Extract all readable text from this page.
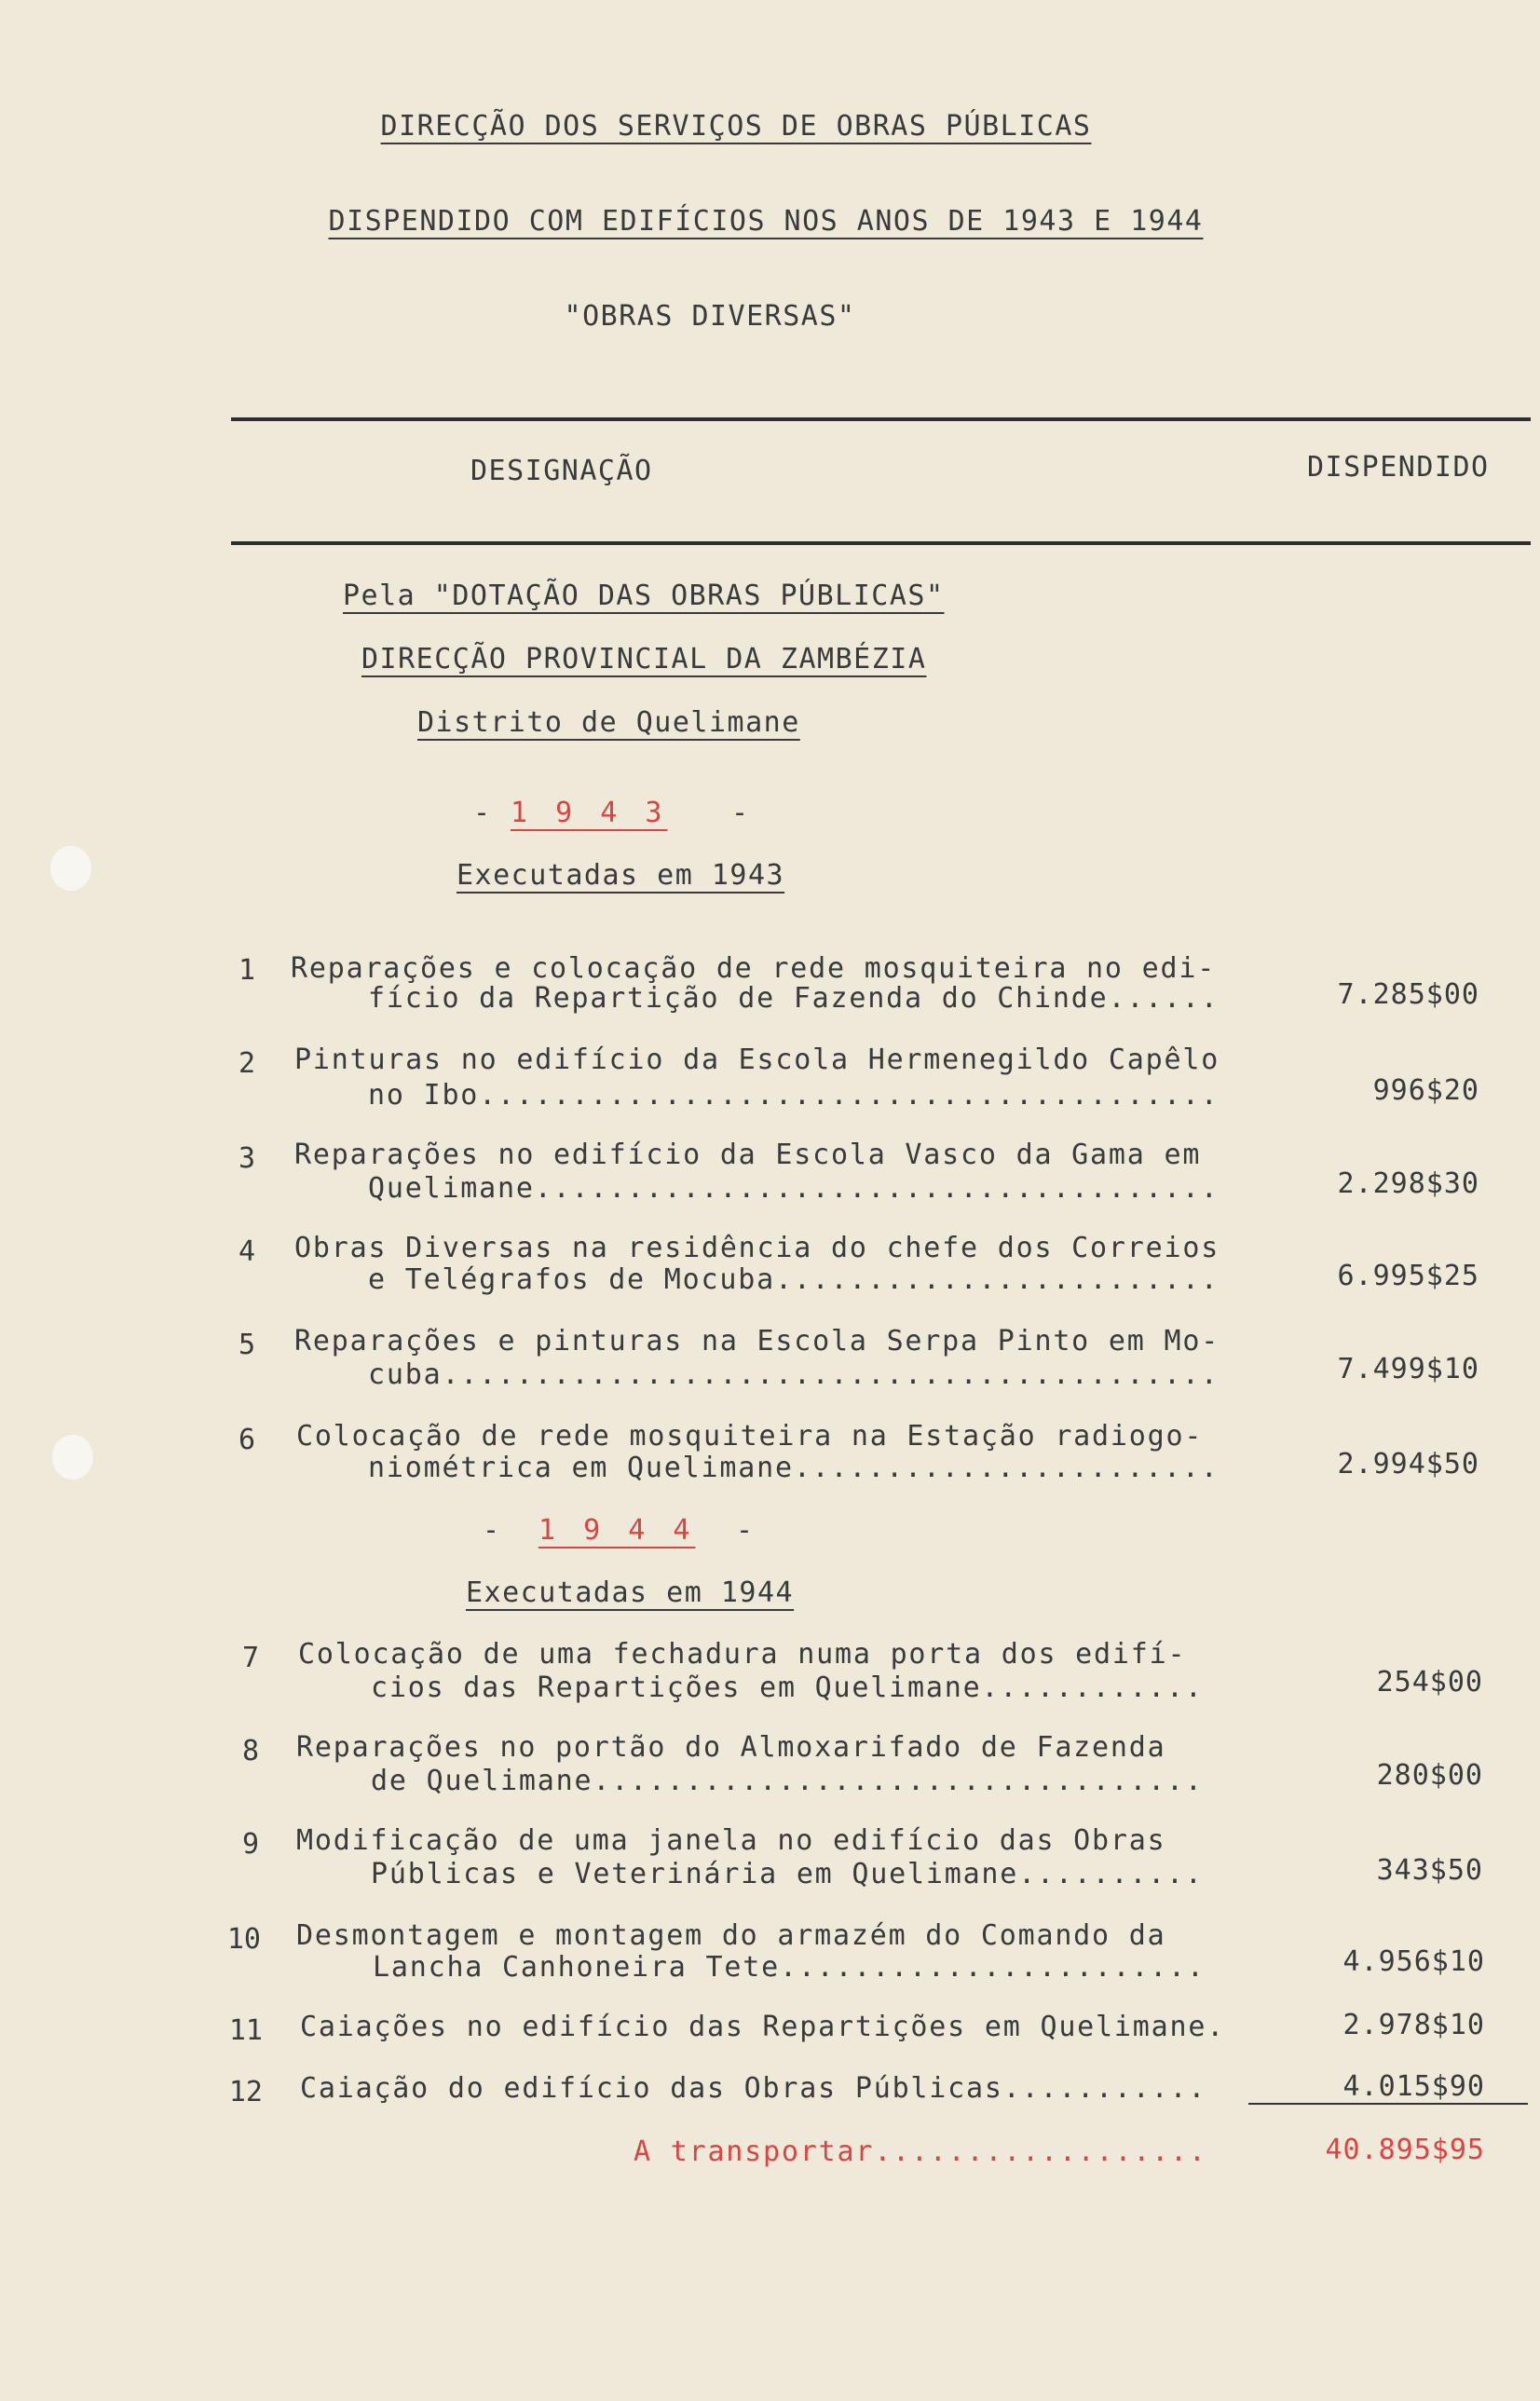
DIRECÇÃO DOS SERVIÇOS DE OBRAS PÚBLICAS
DISPENDIDO COM EDIFÍCIOS NOS ANOS DE 1943 E 1944
"OBRAS DIVERSAS"
DESIGNAÇÃO	DISPENDIDO
Pela "DOTAÇÃO DAS OBRAS PÚBLICAS"
DIRECÇÃO PROVINCIAL DA ZAMBÉZIA
Distrito de Quelimane
- 1 9 4 3 -
Executadas em 1943
1 Reparações e colocação de rede mosquiteira no edi-
fício da Repartição de Fazenda do Chinde......	7.285$00
2 Pinturas no edifício da Escola Hermenegildo Capêlo
no Ibo........................................	996$20
3 Reparações no edifício da Escola Vasco da Gama em
Quelimane.....................................	2.298$30
4 Obras Diversas na residência do chefe dos Correios
e Telégrafos de Mocuba........................	6.995$25
5 Reparações e pinturas na Escola Serpa Pinto em Mo-
cuba..........................................	7.499$10
6 Colocação de rede mosquiteira na Estação radiogo-
niométrica em Quelimane.......................	2.994$50
- 1 9 4 4 -
Executadas em 1944
7 Colocação de uma fechadura numa porta dos edifí-
cios das Repartições em Quelimane............	254$00
8 Reparações no portão do Almoxarifado de Fazenda
de Quelimane.................................	280$00
9 Modificação de uma janela no edifício das Obras
Públicas e Veterinária em Quelimane..........	343$50
10 Desmontagem e montagem do armazém do Comando da
Lancha Canhoneira Tete.......................	4.956$10
11 Caiações no edifício das Repartições em Quelimane.	2.978$10
12 Caiação do edifício das Obras Públicas...........	4.015$90
A transportar..................	40.895$95
